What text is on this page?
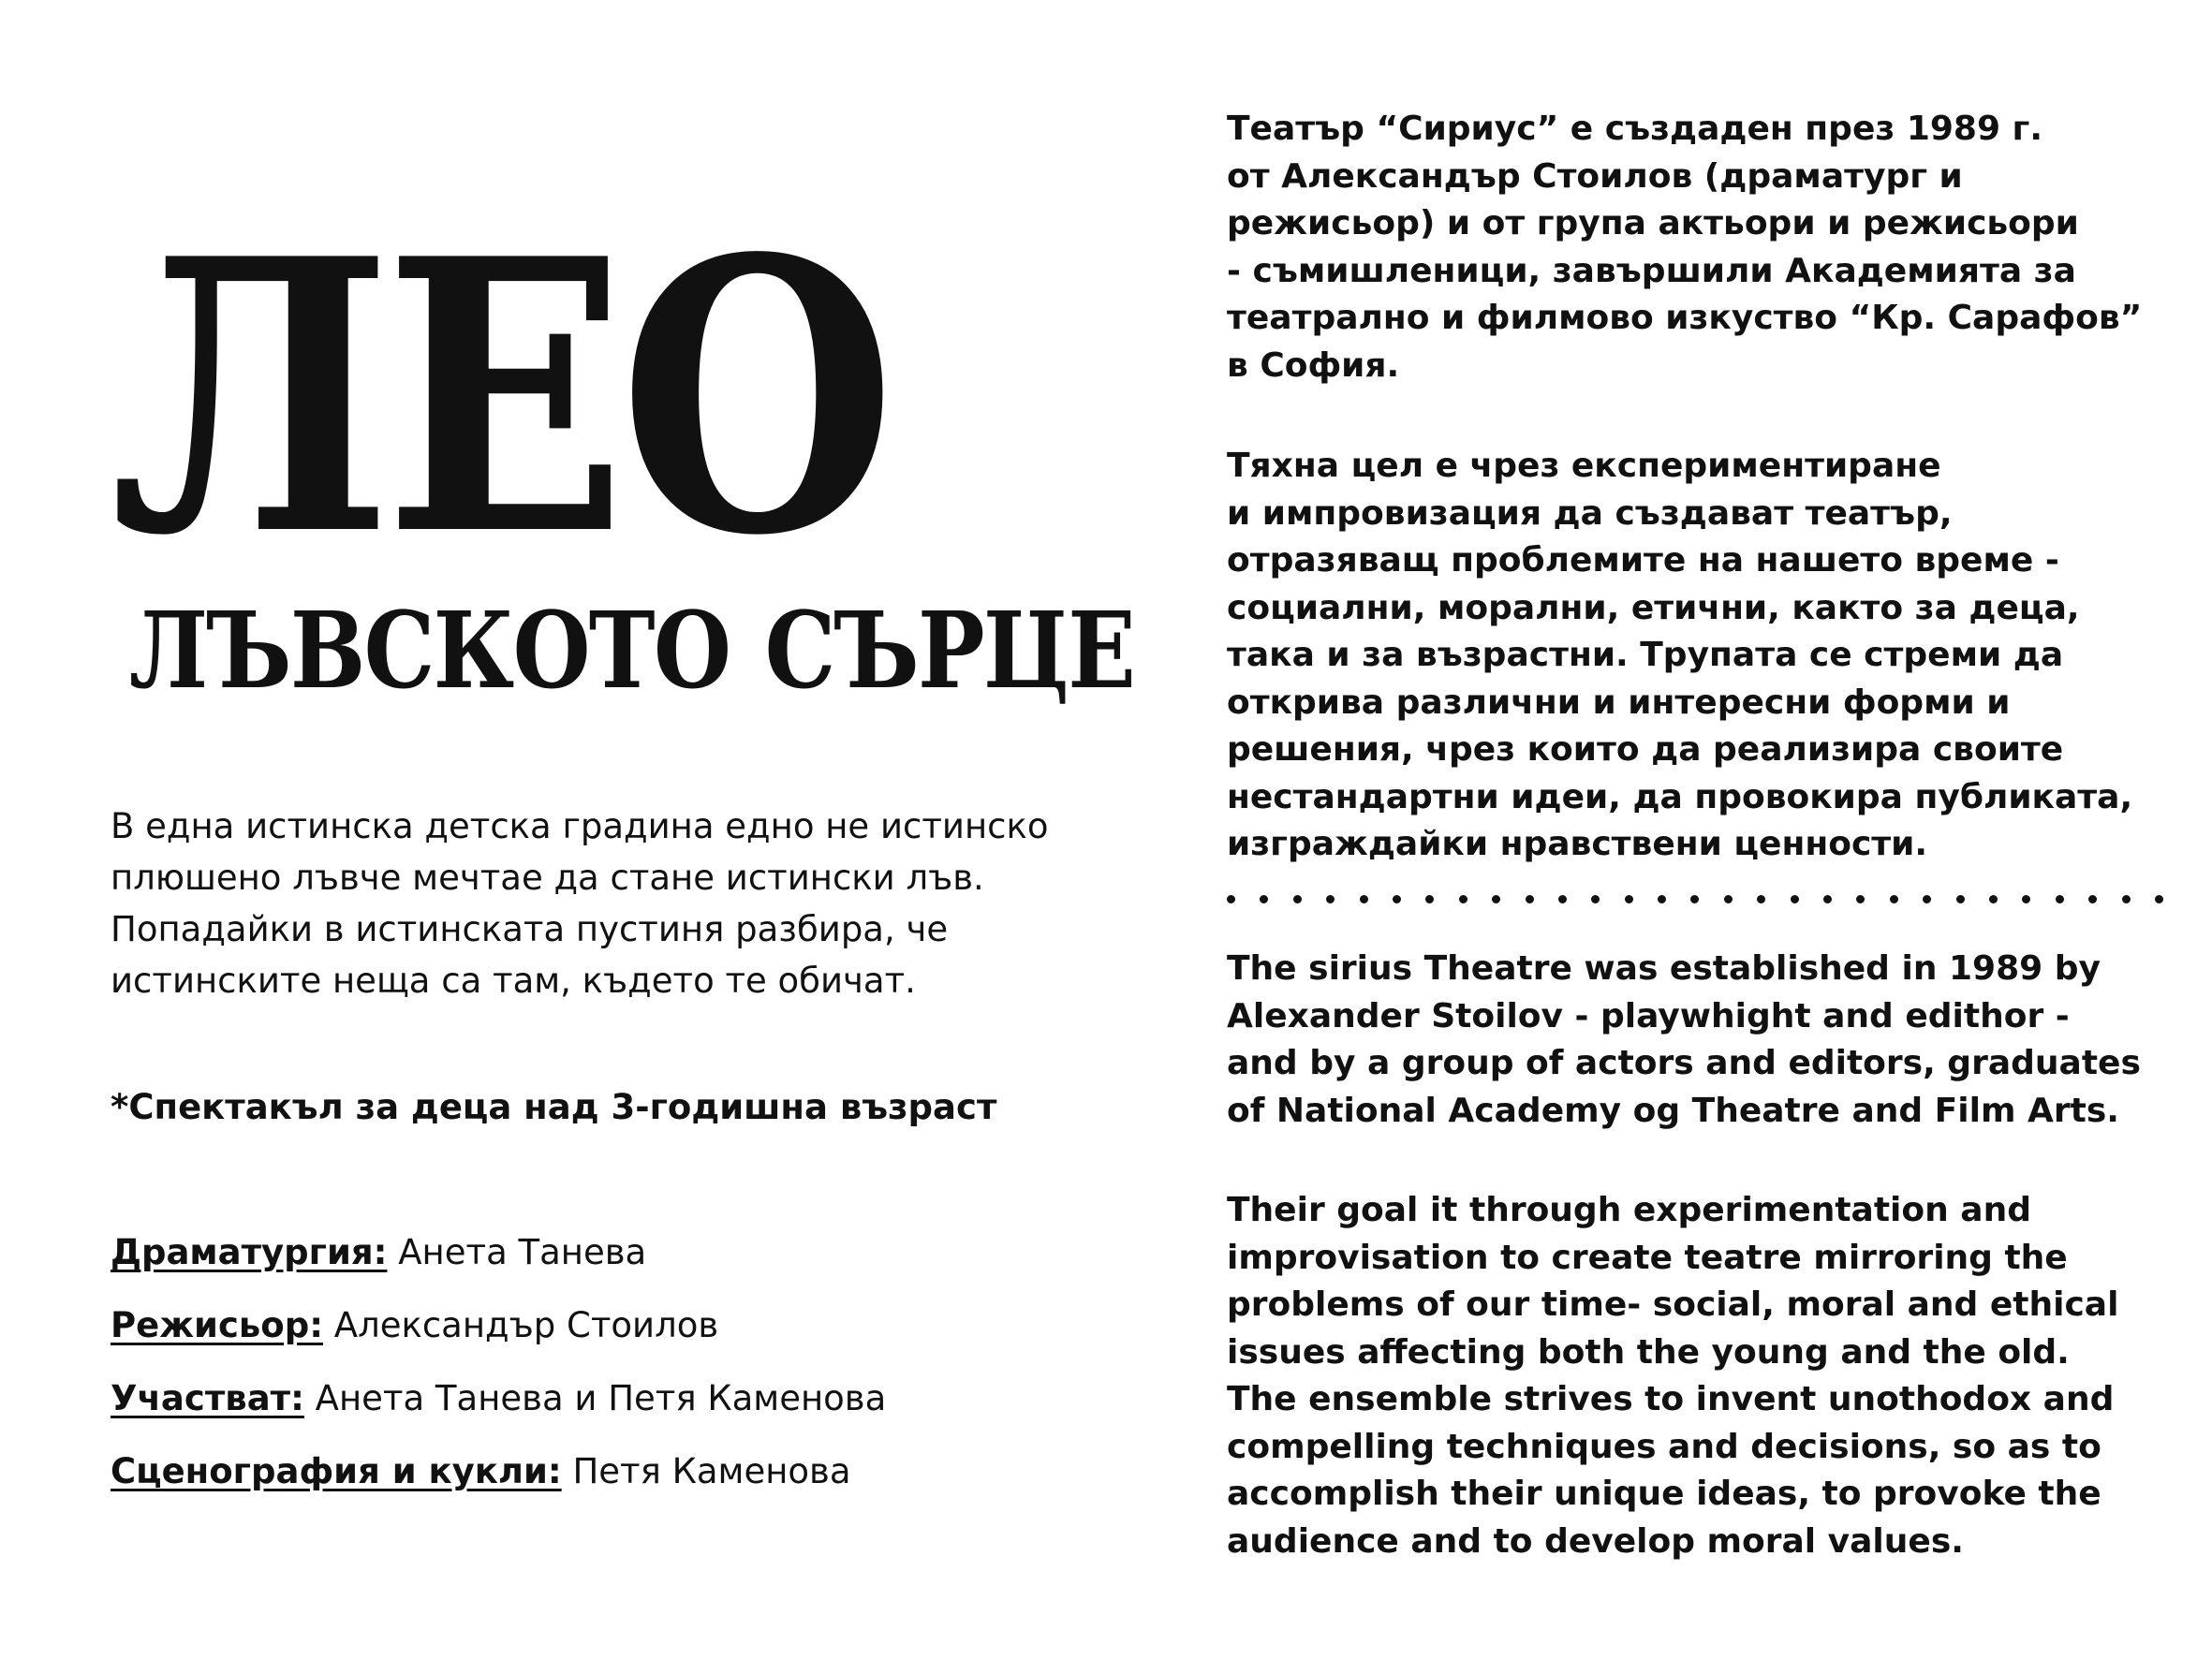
ЛЕО
ЛЪВСКОТО СЪРЦЕ

В една истинска детска градина едно не истинско плюшено лъвче мечтае да стане истински лъв. Попадайки в истинската пустиня разбира, че истинските неща са там, където те обичат.

*Спектакъл за деца над 3-годишна възраст

Драматургия: Анета Танева

Режисьор: Александър Стоилов

Участват: Анета Танева и Петя Каменова

Сценография и кукли: Петя Каменова

Театър “Сириус” е създаден през 1989 г.
от Александър Стоилов (драматург и
режисьор) и от група актьори и режисьори
- съмишленици, завършили Академията за
театрално и филмово изкуство “Кр. Сарафов”
в София.

Тяхна цел е чрез експериментиране
и импровизация да създават театър,
отразяващ проблемите на нашето време -
социални, морални, етични, както за деца,
така и за възрастни. Трупата се стреми да
открива различни и интересни форми и
решения, чрез които да реализира своите
нестандартни идеи, да провокира публиката,
изграждайки нравствени ценности.

The sirius Theatre was established in 1989 by
Alexander Stoilov - playwhight and edithor -
and by a group of actors and editors, graduates
of National Academy og Theatre and Film Arts.

Their goal it through experimentation and
improvisation to create teatre mirroring the
problems of our time- social, moral and ethical
issues affecting both the young and the old.
The ensemble strives to invent unothodox and
compelling techniques and decisions, so as to
accomplish their unique ideas, to provoke the
audience and to develop moral values.
